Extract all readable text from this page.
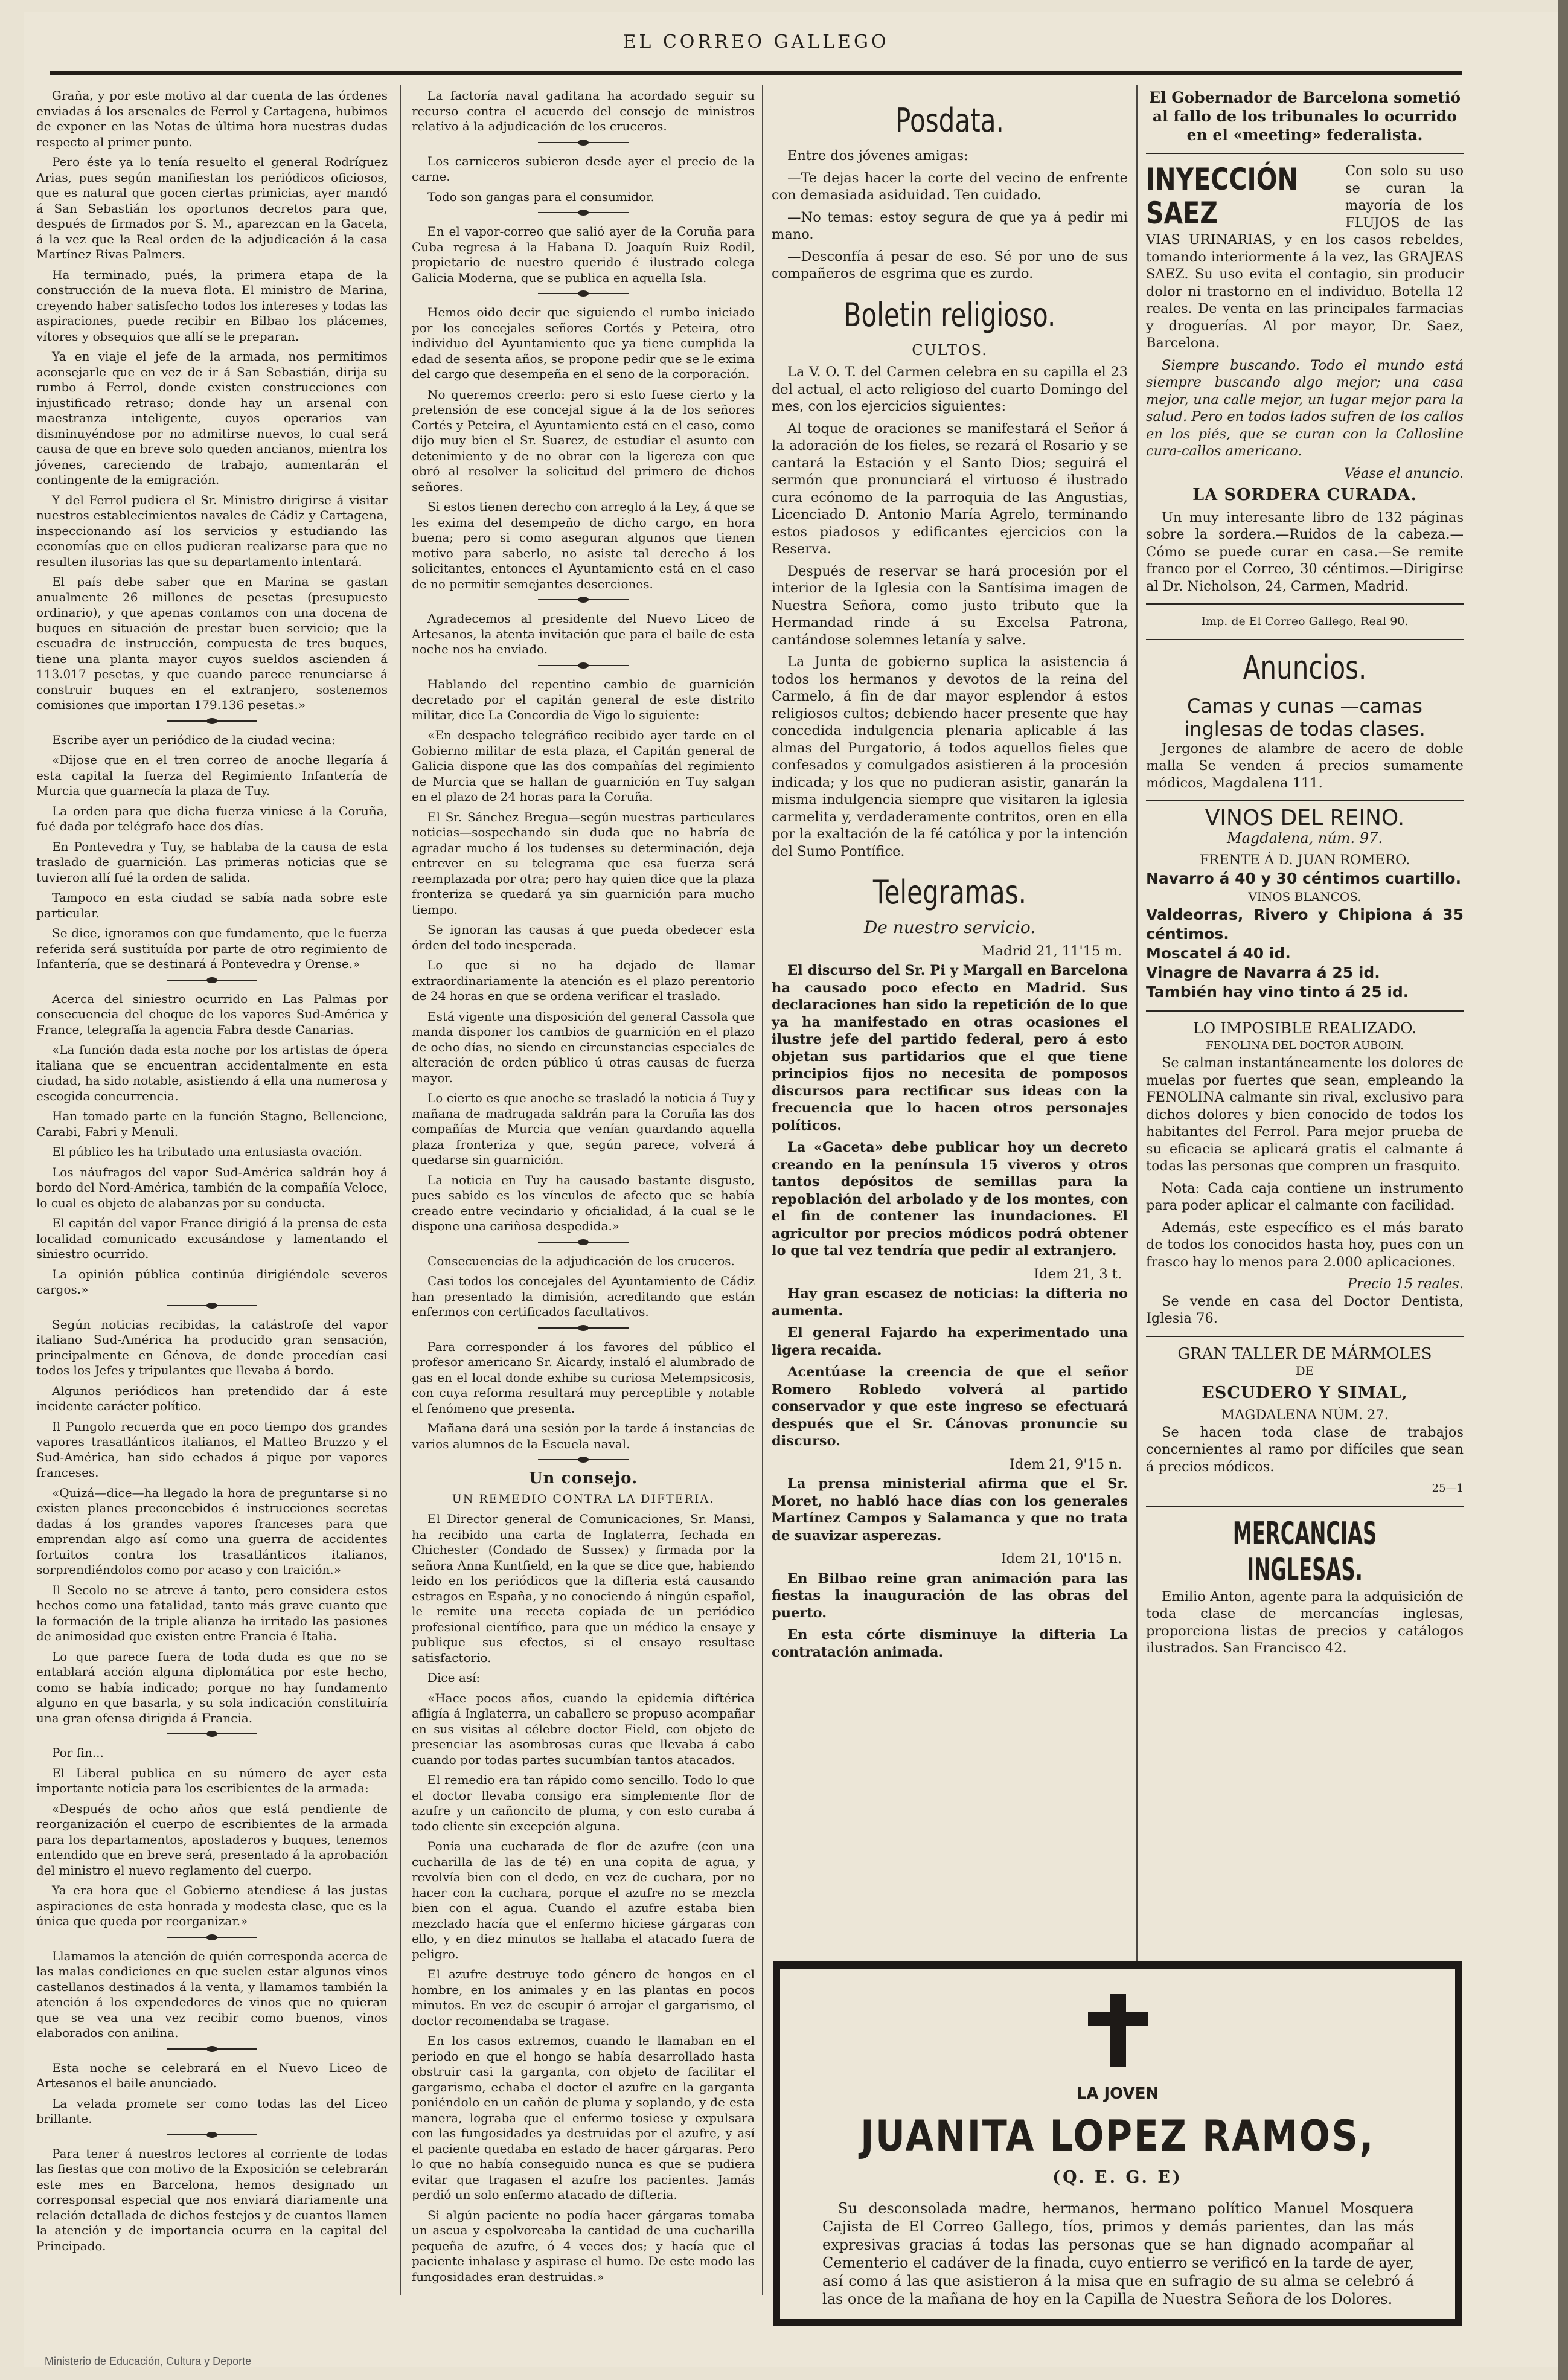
EL CORREO GALLEGO

Graña, y por este motivo al dar cuenta de las órdenes enviadas á los arsenales de Ferrol y Cartagena, hubimos de exponer en las Notas de última hora nuestras dudas respecto al primer punto.

Pero éste ya lo tenía resuelto el general Rodríguez Arias, pues según manifiestan los periódicos oficiosos, que es natural que gocen ciertas primicias, ayer mandó á San Sebastián los oportunos decretos para que, después de firmados por S. M., aparezcan en la Gaceta, á la vez que la Real orden de la adjudicación á la casa Martínez Rivas Palmers.

Ha terminado, pués, la primera etapa de la construcción de la nueva flota. El ministro de Marina, creyendo haber satisfecho todos los intereses y todas las aspiraciones, puede recibir en Bilbao los plácemes, vítores y obsequios que allí se le preparan.

Ya en viaje el jefe de la armada, nos permitimos aconsejarle que en vez de ir á San Sebastián, dirija su rumbo á Ferrol, donde existen construcciones con injustificado retraso; donde hay un arsenal con maestranza inteligente, cuyos operarios van disminuyéndose por no admitirse nuevos, lo cual será causa de que en breve solo queden ancianos, mientra los jóvenes, careciendo de trabajo, aumentarán el contingente de la emigración.

Y del Ferrol pudiera el Sr. Ministro dirigirse á visitar nuestros establecimientos navales de Cádiz y Cartagena, inspeccionando así los servicios y estudiando las economías que en ellos pudieran realizarse para que no resulten ilusorias las que su departamento intentará.

El país debe saber que en Marina se gastan anualmente 26 millones de pesetas (presupuesto ordinario), y que apenas contamos con una docena de buques en situación de prestar buen servicio; que la escuadra de instrucción, compuesta de tres buques, tiene una planta mayor cuyos sueldos ascienden á 113.017 pesetas, y que cuando parece renunciarse á construir buques en el extranjero, sostenemos comisiones que importan 179.136 pesetas.»

Escribe ayer un periódico de la ciudad vecina:

«Dijose que en el tren correo de anoche llegaría á esta capital la fuerza del Regimiento Infantería de Murcia que guarnecía la plaza de Tuy.

La orden para que dicha fuerza viniese á la Coruña, fué dada por telégrafo hace dos días.

En Pontevedra y Tuy, se hablaba de la causa de esta traslado de guarnición. Las primeras noticias que se tuvieron allí fué la orden de salida.

Tampoco en esta ciudad se sabía nada sobre este particular.

Se dice, ignoramos con que fundamento, que le fuerza referida será sustituída por parte de otro regimiento de Infantería, que se destinará á Pontevedra y Orense.»

Acerca del siniestro ocurrido en Las Palmas por consecuencia del choque de los vapores Sud-América y France, telegrafía la agencia Fabra desde Canarias.

«La función dada esta noche por los artistas de ópera italiana que se encuentran accidentalmente en esta ciudad, ha sido notable, asistiendo á ella una numerosa y escogida concurrencia.

Han tomado parte en la función Stagno, Bellencione, Carabi, Fabri y Menuli.

El público les ha tributado una entusiasta ovación.

Los náufragos del vapor Sud-América saldrán hoy á bordo del Nord-América, también de la compañía Veloce, lo cual es objeto de alabanzas por su conducta.

El capitán del vapor France dirigió á la prensa de esta localidad comunicado excusándose y lamentando el siniestro ocurrido.

La opinión pública continúa dirigiéndole severos cargos.»

Según noticias recibidas, la catástrofe del vapor italiano Sud-América ha producido gran sensación, principalmente en Génova, de donde procedían casi todos los Jefes y tripulantes que llevaba á bordo.

Algunos periódicos han pretendido dar á este incidente carácter político.

Il Pungolo recuerda que en poco tiempo dos grandes vapores trasatlánticos italianos, el Matteo Bruzzo y el Sud-América, han sido echados á pique por vapores franceses.

«Quizá—dice—ha llegado la hora de preguntarse si no existen planes preconcebidos é instrucciones secretas dadas á los grandes vapores franceses para que emprendan algo así como una guerra de accidentes fortuitos contra los trasatlánticos italianos, sorprendiéndolos como por acaso y con traición.»

Il Secolo no se atreve á tanto, pero considera estos hechos como una fatalidad, tanto más grave cuanto que la formación de la triple alianza ha irritado las pasiones de animosidad que existen entre Francia é Italia.

Lo que parece fuera de toda duda es que no se entablará acción alguna diplomática por este hecho, como se había indicado; porque no hay fundamento alguno en que basarla, y su sola indicación constituiría una gran ofensa dirigida á Francia.

Por fin...

El Liberal publica en su número de ayer esta importante noticia para los escribientes de la armada:

«Después de ocho años que está pendiente de reorganización el cuerpo de escribientes de la armada para los departamentos, apostaderos y buques, tenemos entendido que en breve será, presentado á la aprobación del ministro el nuevo reglamento del cuerpo.

Ya era hora que el Gobierno atendiese á las justas aspiraciones de esta honrada y modesta clase, que es la única que queda por reorganizar.»

Llamamos la atención de quién corresponda acerca de las malas condiciones en que suelen estar algunos vinos castellanos destinados á la venta, y llamamos también la atención á los expendedores de vinos que no quieran que se vea una vez recibir como buenos, vinos elaborados con anilina.

Esta noche se celebrará en el Nuevo Liceo de Artesanos el baile anunciado.

La velada promete ser como todas las del Liceo brillante.

Para tener á nuestros lectores al corriente de todas las fiestas que con motivo de la Exposición se celebrarán este mes en Barcelona, hemos designado un corresponsal especial que nos enviará diariamente una relación detallada de dichos festejos y de cuantos llamen la atención y de importancia ocurra en la capital del Principado.

La factoría naval gaditana ha acordado seguir su recurso contra el acuerdo del consejo de ministros relativo á la adjudicación de los cruceros.

Los carniceros subieron desde ayer el precio de la carne.

Todo son gangas para el consumidor.

En el vapor-correo que salió ayer de la Coruña para Cuba regresa á la Habana D. Joaquín Ruiz Rodil, propietario de nuestro querido é ilustrado colega Galicia Moderna, que se publica en aquella Isla.

Hemos oido decir que siguiendo el rumbo iniciado por los concejales señores Cortés y Peteira, otro individuo del Ayuntamiento que ya tiene cumplida la edad de sesenta años, se propone pedir que se le exima del cargo que desempeña en el seno de la corporación.

No queremos creerlo: pero si esto fuese cierto y la pretensión de ese concejal sigue á la de los señores Cortés y Peteira, el Ayuntamiento está en el caso, como dijo muy bien el Sr. Suarez, de estudiar el asunto con detenimiento y de no obrar con la ligereza con que obró al resolver la solicitud del primero de dichos señores.

Si estos tienen derecho con arreglo á la Ley, á que se les exima del desempeño de dicho cargo, en hora buena; pero si como aseguran algunos que tienen motivo para saberlo, no asiste tal derecho á los solicitantes, entonces el Ayuntamiento está en el caso de no permitir semejantes deserciones.

Agradecemos al presidente del Nuevo Liceo de Artesanos, la atenta invitación que para el baile de esta noche nos ha enviado.

Hablando del repentino cambio de guarnición decretado por el capitán general de este distrito militar, dice La Concordia de Vigo lo siguiente:

«En despacho telegráfico recibido ayer tarde en el Gobierno militar de esta plaza, el Capitán general de Galicia dispone que las dos compañías del regimiento de Murcia que se hallan de guarnición en Tuy salgan en el plazo de 24 horas para la Coruña.

El Sr. Sánchez Bregua—según nuestras particulares noticias—sospechando sin duda que no habría de agradar mucho á los tudenses su determinación, deja entrever en su telegrama que esa fuerza será reemplazada por otra; pero hay quien dice que la plaza fronteriza se quedará ya sin guarnición para mucho tiempo.

Se ignoran las causas á que pueda obedecer esta órden del todo inesperada.

Lo que si no ha dejado de llamar extraordinariamente la atención es el plazo perentorio de 24 horas en que se ordena verificar el traslado.

Está vigente una disposición del general Cassola que manda disponer los cambios de guarnición en el plazo de ocho días, no siendo en circunstancias especiales de alteración de orden público ú otras causas de fuerza mayor.

Lo cierto es que anoche se trasladó la noticia á Tuy y mañana de madrugada saldrán para la Coruña las dos compañías de Murcia que venían guardando aquella plaza fronteriza y que, según parece, volverá á quedarse sin guarnición.

La noticia en Tuy ha causado bastante disgusto, pues sabido es los vínculos de afecto que se había creado entre vecindario y oficialidad, á la cual se le dispone una cariñosa despedida.»

Consecuencias de la adjudicación de los cruceros.

Casi todos los concejales del Ayuntamiento de Cádiz han presentado la dimisión, acreditando que están enfermos con certificados facultativos.

Para corresponder á los favores del público el profesor americano Sr. Aicardy, instaló el alumbrado de gas en el local donde exhibe su curiosa Metempsicosis, con cuya reforma resultará muy perceptible y notable el fenómeno que presenta.

Mañana dará una sesión por la tarde á instancias de varios alumnos de la Escuela naval.

Un consejo.
UN REMEDIO CONTRA LA DIFTERIA.

El Director general de Comunicaciones, Sr. Mansi, ha recibido una carta de Inglaterra, fechada en Chichester (Condado de Sussex) y firmada por la señora Anna Kuntfield, en la que se dice que, habiendo leido en los periódicos que la difteria está causando estragos en España, y no conociendo á ningún español, le remite una receta copiada de un periódico profesional científico, para que un médico la ensaye y publique sus efectos, si el ensayo resultase satisfactorio.

Dice así:

«Hace pocos años, cuando la epidemia diftérica afligía á Inglaterra, un caballero se propuso acompañar en sus visitas al célebre doctor Field, con objeto de presenciar las asombrosas curas que llevaba á cabo cuando por todas partes sucumbían tantos atacados.

El remedio era tan rápido como sencillo. Todo lo que el doctor llevaba consigo era simplemente flor de azufre y un cañoncito de pluma, y con esto curaba á todo cliente sin excepción alguna.

Ponía una cucharada de flor de azufre (con una cucharilla de las de té) en una copita de agua, y revolvía bien con el dedo, en vez de cuchara, por no hacer con la cuchara, porque el azufre no se mezcla bien con el agua. Cuando el azufre estaba bien mezclado hacía que el enfermo hiciese gárgaras con ello, y en diez minutos se hallaba el atacado fuera de peligro.

El azufre destruye todo género de hongos en el hombre, en los animales y en las plantas en pocos minutos. En vez de escupir ó arrojar el gargarismo, el doctor recomendaba se tragase.

En los casos extremos, cuando le llamaban en el periodo en que el hongo se había desarrollado hasta obstruir casi la garganta, con objeto de facilitar el gargarismo, echaba el doctor el azufre en la garganta poniéndolo en un cañón de pluma y soplando, y de esta manera, lograba que el enfermo tosiese y expulsara con las fungosidades ya destruidas por el azufre, y así el paciente quedaba en estado de hacer gárgaras. Pero lo que no había conseguido nunca es que se pudiera evitar que tragasen el azufre los pacientes. Jamás perdió un solo enfermo atacado de difteria.

Si algún paciente no podía hacer gárgaras tomaba un ascua y espolvoreaba la cantidad de una cucharilla pequeña de azufre, ó 4 veces dos; y hacía que el paciente inhalase y aspirase el humo. De este modo las fungosidades eran destruidas.»

Posdata.

Entre dos jóvenes amigas:

—Te dejas hacer la corte del vecino de enfrente con demasiada asiduidad. Ten cuidado.

—No temas: estoy segura de que ya á pedir mi mano.

—Desconfía á pesar de eso. Sé por uno de sus compañeros de esgrima que es zurdo.

Boletin religioso.
CULTOS.

La V. O. T. del Carmen celebra en su capilla el 23 del actual, el acto religioso del cuarto Domingo del mes, con los ejercicios siguientes:

Al toque de oraciones se manifestará el Señor á la adoración de los fieles, se rezará el Rosario y se cantará la Estación y el Santo Dios; seguirá el sermón que pronunciará el virtuoso é ilustrado cura ecónomo de la parroquia de las Angustias, Licenciado D. Antonio María Agrelo, terminando estos piadosos y edificantes ejercicios con la Reserva.

Después de reservar se hará procesión por el interior de la Iglesia con la Santísima imagen de Nuestra Señora, como justo tributo que la Hermandad rinde á su Excelsa Patrona, cantándose solemnes letanía y salve.

La Junta de gobierno suplica la asistencia á todos los hermanos y devotos de la reina del Carmelo, á fin de dar mayor esplendor á estos religiosos cultos; debiendo hacer presente que hay concedida indulgencia plenaria aplicable á las almas del Purgatorio, á todos aquellos fieles que confesados y comulgados asistieren á la procesión indicada; y los que no pudieran asistir, ganarán la misma indulgencia siempre que visitaren la iglesia carmelita y, verdaderamente contritos, oren en ella por la exaltación de la fé católica y por la intención del Sumo Pontífice.

Telegramas.
De nuestro servicio.
Madrid 21, 11'15 m.

El discurso del Sr. Pi y Margall en Barcelona ha causado poco efecto en Madrid. Sus declaraciones han sido la repetición de lo que ya ha manifestado en otras ocasiones el ilustre jefe del partido federal, pero á esto objetan sus partidarios que el que tiene principios fijos no necesita de pomposos discursos para rectificar sus ideas con la frecuencia que lo hacen otros personajes políticos.

La «Gaceta» debe publicar hoy un decreto creando en la península 15 viveros y otros tantos depósitos de semillas para la repoblación del arbolado y de los montes, con el fin de contener las inundaciones. El agricultor por precios módicos podrá obtener lo que tal vez tendría que pedir al extranjero.

Idem 21, 3 t.

Hay gran escasez de noticias: la difteria no aumenta.

El general Fajardo ha experimentado una ligera recaida.

Acentúase la creencia de que el señor Romero Robledo volverá al partido conservador y que este ingreso se efectuará después que el Sr. Cánovas pronuncie su discurso.

Idem 21, 9'15 n.

La prensa ministerial afirma que el Sr. Moret, no habló hace días con los generales Martínez Campos y Salamanca y que no trata de suavizar asperezas.

Idem 21, 10'15 n.

En Bilbao reine gran animación para las fiestas la inauguración de las obras del puerto.

En esta córte disminuye la difteria La contratación animada.

El Gobernador de Barcelona sometió al fallo de los tribunales lo ocurrido en el «meeting» federalista.
INYECCIÓN SAEZ

Con solo su uso se curan la mayoría de los FLUJOS de las VIAS URINARIAS, y en los casos rebeldes, tomando interiormente á la vez, las GRAJEAS SAEZ. Su uso evita el contagio, sin producir dolor ni trastorno en el individuo. Botella 12 reales. De venta en las principales farmacias y droguerías. Al por mayor, Dr. Saez, Barcelona.

Siempre buscando. Todo el mundo está siempre buscando algo mejor; una casa mejor, una calle mejor, un lugar mejor para la salud. Pero en todos lados sufren de los callos en los piés, que se curan con la Callosline cura-callos americano.

Véase el anuncio.
LA SORDERA CURADA.

Un muy interesante libro de 132 páginas sobre la sordera.—Ruidos de la cabeza.—Cómo se puede curar en casa.—Se remite franco por el Correo, 30 céntimos.—Dirigirse al Dr. Nicholson, 24, Carmen, Madrid.

Imp. de El Correo Gallego, Real 90.
Anuncios.
Camas y cunas —camas inglesas de todas clases.

Jergones de alambre de acero de doble malla Se venden á precios sumamente módicos, Magdalena 111.

VINOS DEL REINO.
Magdalena, núm. 97.
FRENTE Á D. JUAN ROMERO.
Navarro á 40 y 30 céntimos cuartillo.
VINOS BLANCOS.
Valdeorras, Rivero y Chipiona á 35 céntimos.
Moscatel á 40 id.
Vinagre de Navarra á 25 id.
También hay vino tinto á 25 id.
LO IMPOSIBLE REALIZADO.
FENOLINA DEL DOCTOR AUBOIN.

Se calman instantáneamente los dolores de muelas por fuertes que sean, empleando la FENOLINA calmante sin rival, exclusivo para dichos dolores y bien conocido de todos los habitantes del Ferrol. Para mejor prueba de su eficacia se aplicará gratis el calmante á todas las personas que compren un frasquito.

Nota: Cada caja contiene un instrumento para poder aplicar el calmante con facilidad.

Además, este específico es el más barato de todos los conocidos hasta hoy, pues con un frasco hay lo menos para 2.000 aplicaciones.

Precio 15 reales.

Se vende en casa del Doctor Dentista, Iglesia 76.

GRAN TALLER DE MÁRMOLES
DE
ESCUDERO Y SIMAL,
MAGDALENA NÚM. 27.

Se hacen toda clase de trabajos concernientes al ramo por difíciles que sean á precios módicos.

25—1
MERCANCIAS INGLESAS.

Emilio Anton, agente para la adquisición de toda clase de mercancías inglesas, proporciona listas de precios y catálogos ilustrados. San Francisco 42.

LA JOVEN
JUANITA LOPEZ RAMOS,
(Q. E. G. E)
Su desconsolada madre, hermanos, hermano político Manuel Mosquera Cajista de El Correo Gallego, tíos, primos y demás parientes, dan las más expresivas gracias á todas las personas que se han dignado acompañar al Cementerio el cadáver de la finada, cuyo entierro se verificó en la tarde de ayer, así como á las que asistieron á la misa que en sufragio de su alma se celebró á las once de la mañana de hoy en la Capilla de Nuestra Señora de los Dolores.
Ministerio de Educación, Cultura y Deporte
